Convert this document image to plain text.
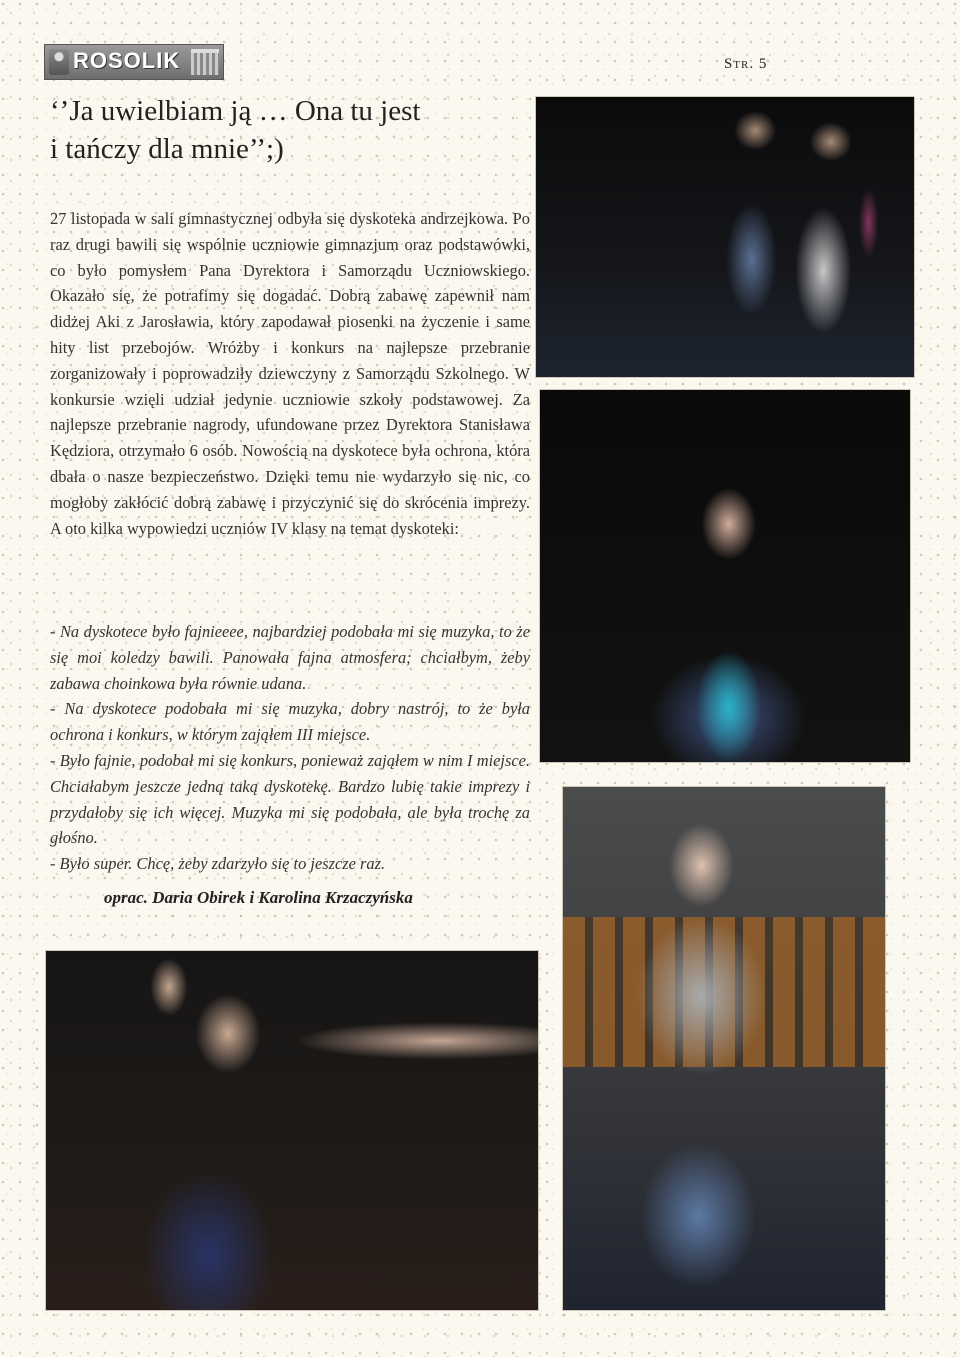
ROSOLIK	Str. 5
‘’Ja uwielbiam ją … Ona tu jest
i tańczy dla mnie’’;)

27 listopada w sali gimnastycznej odbyła się dyskoteka andrzejkowa. Po raz drugi bawili się wspólnie uczniowie gimnazjum oraz podstawówki, co było pomysłem Pana Dyrektora i Samorządu Uczniowskiego. Okazało się, że potrafimy się dogadać. Dobrą zabawę zapewnił nam didżej Aki z Jarosławia, który zapodawał piosenki na życzenie i same hity list przebojów. Wróżby i konkurs na najlepsze przebranie zorganizowały i poprowadziły dziewczyny z Samorządu Szkolnego. W konkursie wzięli udział jedynie uczniowie szkoły podstawowej. Za najlepsze przebranie nagrody, ufundowane przez Dyrektora Stanisława Kędziora, otrzymało 6 osób. Nowością na dyskotece była ochrona, która dbała o nasze bezpieczeństwo. Dzięki temu nie wydarzyło się nic, co mogłoby zakłócić dobrą zabawę i przyczynić się do skrócenia imprezy. A oto kilka wypowiedzi uczniów IV klasy na temat dyskoteki:

- Na dyskotece było fajnieeee, najbardziej podobała mi się muzyka, to że się moi koledzy bawili. Panowała fajna atmosfera; chciałbym, żeby zabawa choinkowa była równie udana.

- Na dyskotece podobała mi się muzyka, dobry nastrój, to że była ochrona i konkurs, w którym zająłem III miejsce.

- Było fajnie, podobał mi się konkurs, ponieważ zająłem w nim I miejsce. Chciałabym jeszcze jedną taką dyskotekę. Bardzo lubię takie imprezy i przydałoby się ich więcej. Muzyka mi się podobała, ale była trochę za głośno.

- Było super. Chcę, żeby zdarzyło się to jeszcze raz.

oprac. Daria Obirek i Karolina Krzaczyńska
